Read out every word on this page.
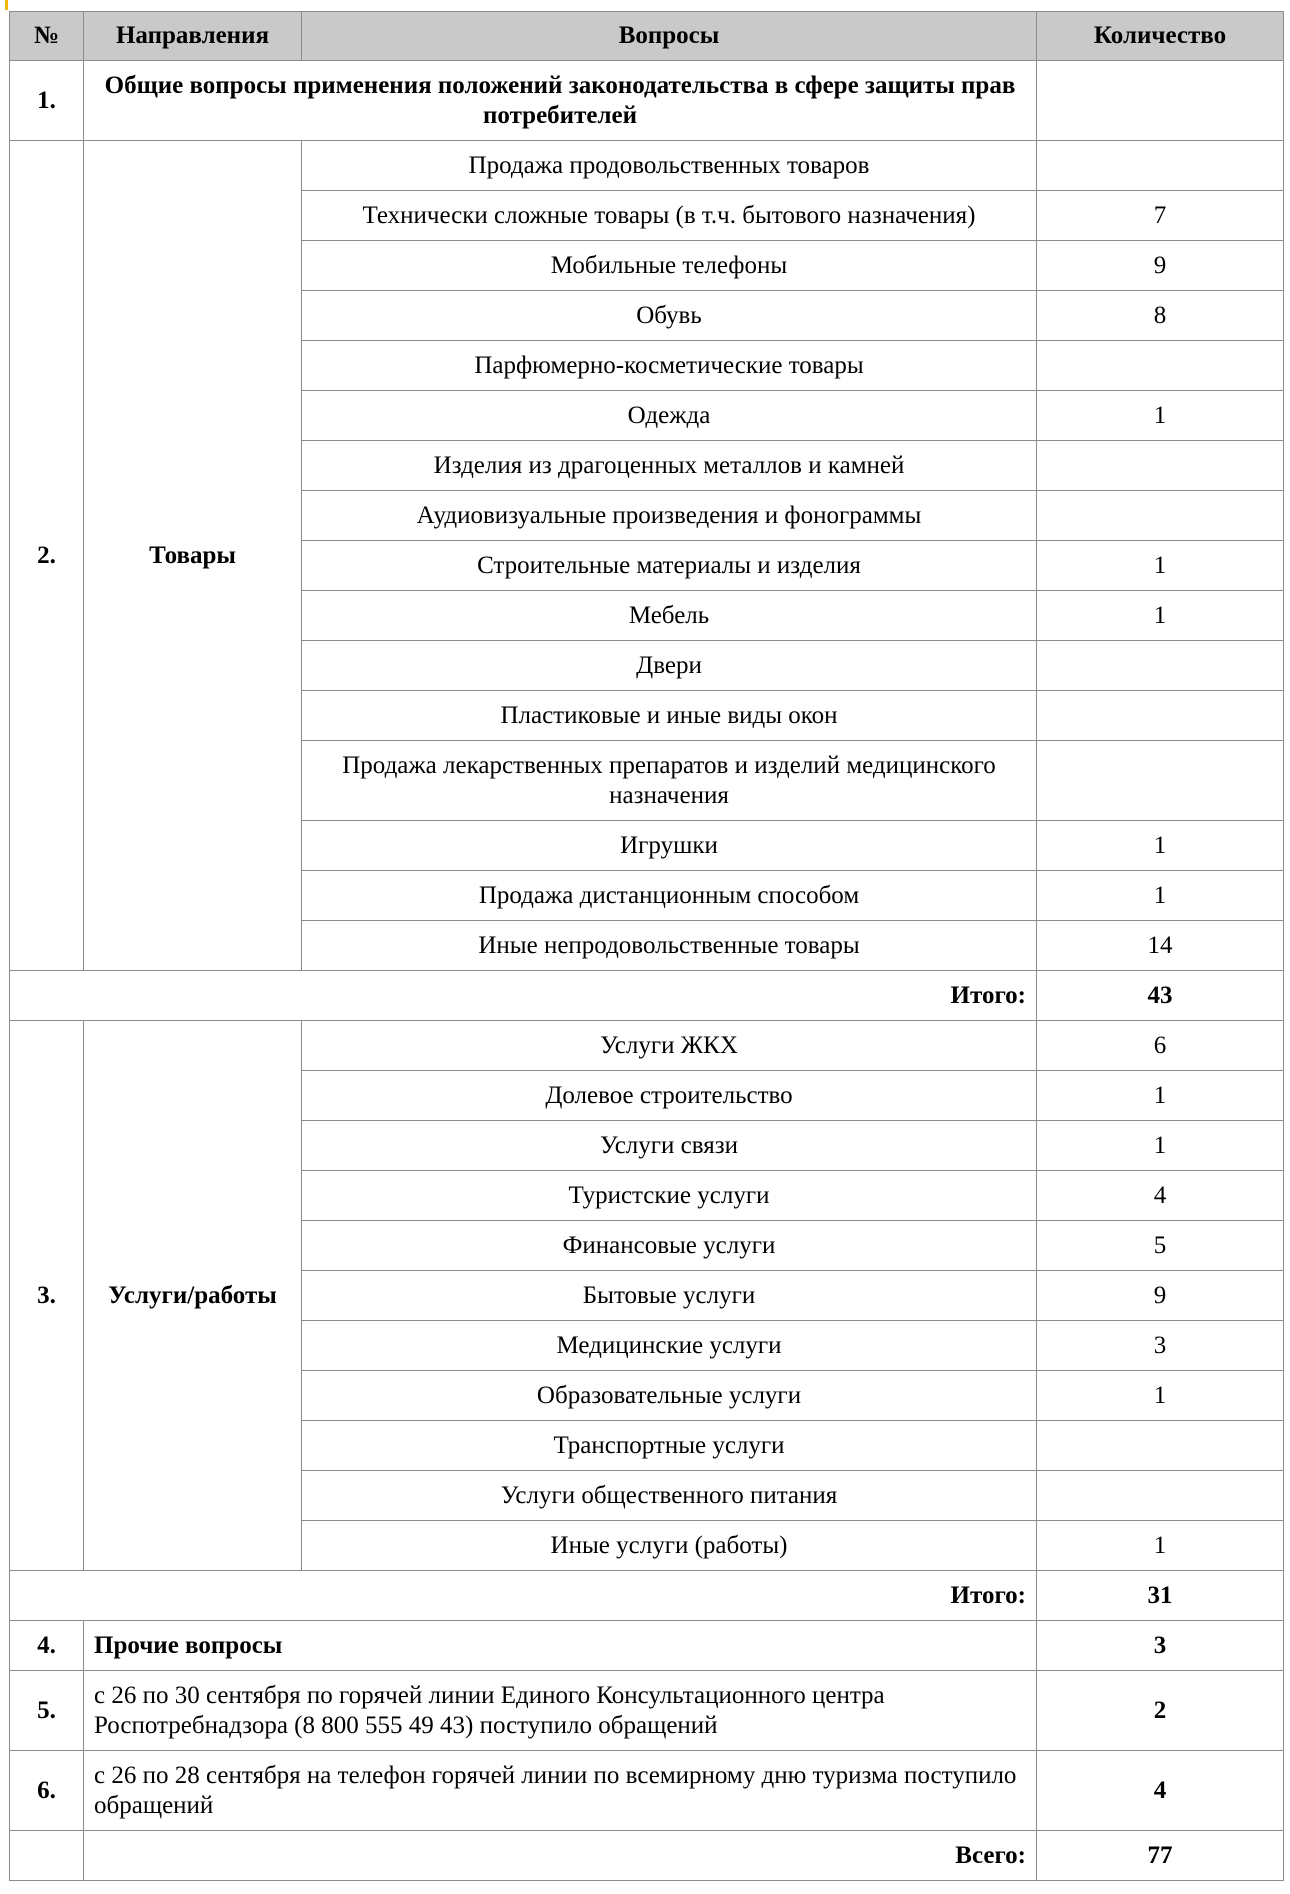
№	Направления	Вопросы	Количество
1.	Общие вопросы применения положений законодательства в сфере защиты прав потребителей		
2.	Товары	Продажа продовольственных товаров	
		Технически сложные товары (в т.ч. бытового назначения)	7
		Мобильные телефоны	9
		Обувь	8
		Парфюмерно-косметические товары	
		Одежда	1
		Изделия из драгоценных металлов и камней	
		Аудиовизуальные произведения и фонограммы	
		Строительные материалы и изделия	1
		Мебель	1
		Двери	
		Пластиковые и иные виды окон	
		Продажа лекарственных препаратов и изделий медицинского назначения	
		Игрушки	1
		Продажа дистанционным способом	1
		Иные непродовольственные товары	14
Итого:			43
3.	Услуги/работы	Услуги ЖКХ	6
		Долевое строительство	1
		Услуги связи	1
		Туристские услуги	4
		Финансовые услуги	5
		Бытовые услуги	9
		Медицинские услуги	3
		Образовательные услуги	1
		Транспортные услуги	
		Услуги общественного питания	
		Иные услуги (работы)	1
Итого:			31
4.	Прочие вопросы		3
5.	с 26 по 30 сентября по горячей линии Единого Консультационного центра Роспотребнадзора (8 800 555 49 43) поступило обращений		2
6.	с 26 по 28 сентября на телефон горячей линии по всемирному дню туризма поступило обращений		4
	Всего:		77
